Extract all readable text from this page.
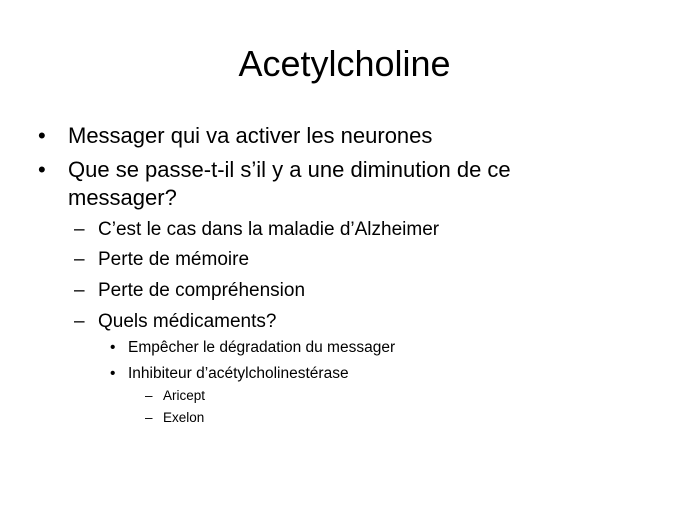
Acetylcholine
• Messager qui va activer les neurones
• Que se passe-t-il s’il y a une diminution de ce
messager?
– C’est le cas dans la maladie d’Alzheimer
– Perte de mémoire
– Perte de compréhension
– Quels médicaments?
• Empêcher le dégradation du messager
• Inhibiteur d’acétylcholinestérase
– Aricept
– Exelon
